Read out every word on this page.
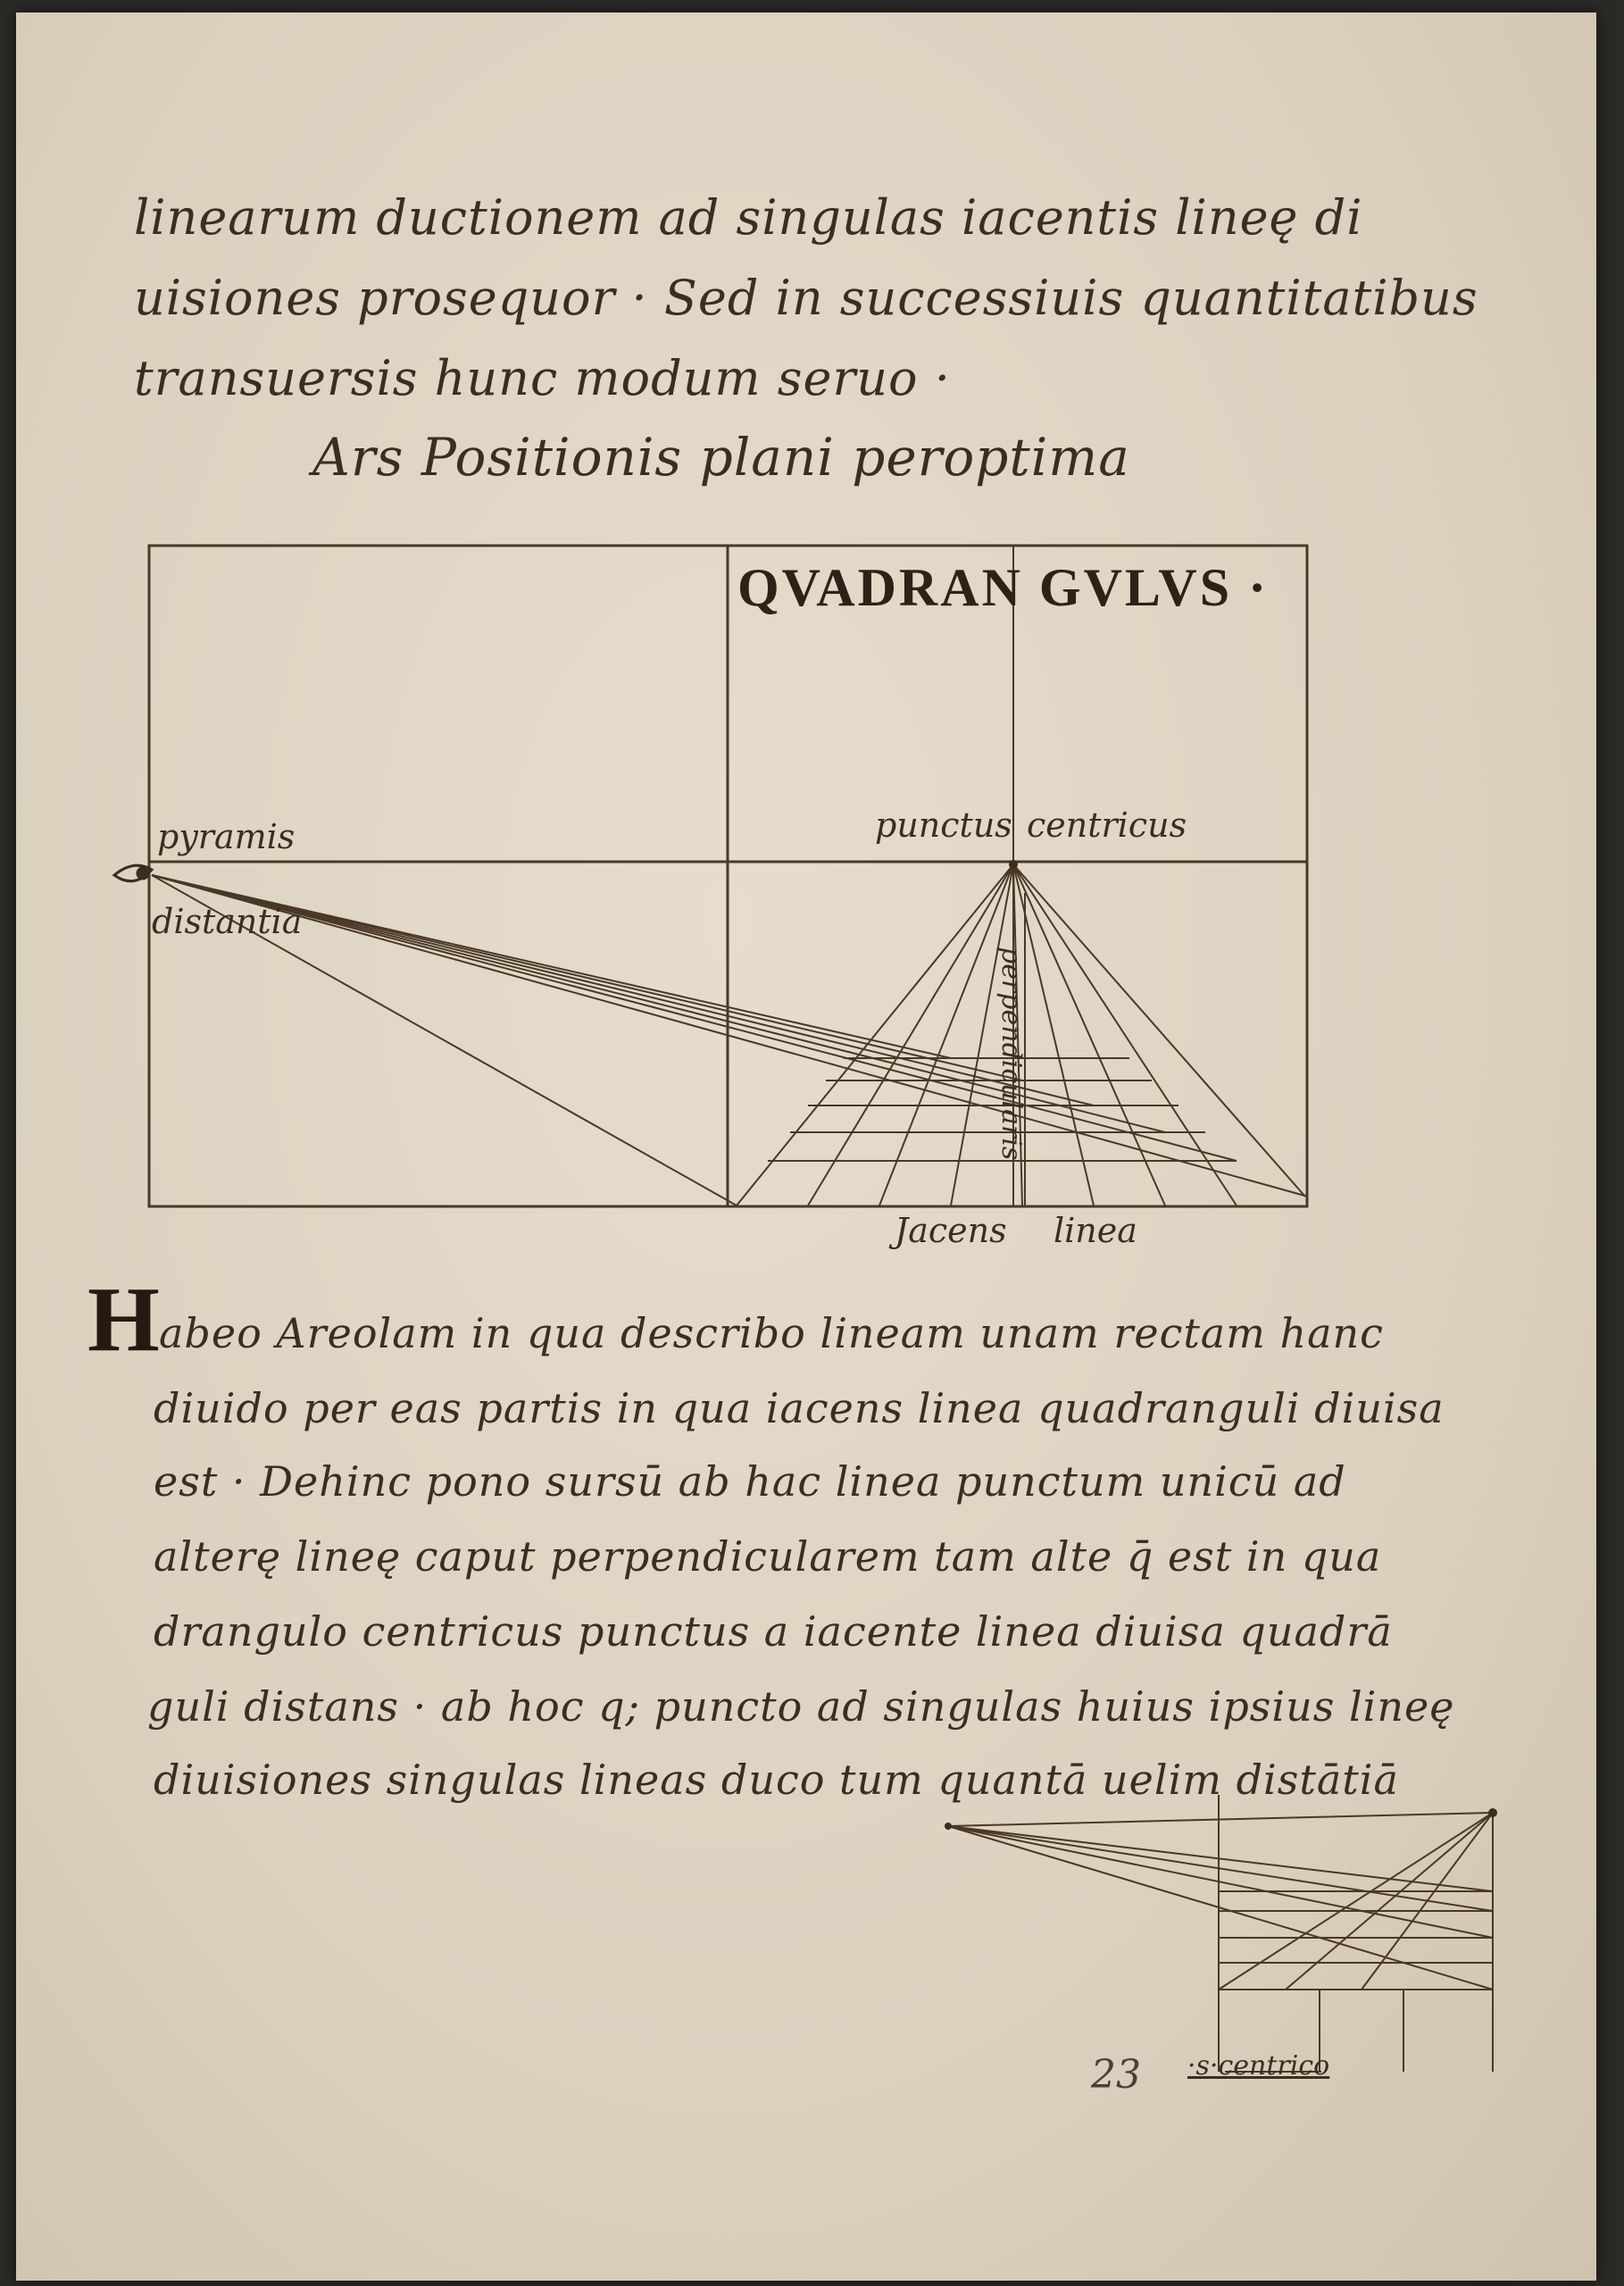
linearum ductionem ad singulas iacentis lineę di
uisiones prosequor · Sed in successiuis quantitatibus
transuersis hunc modum seruo ·
Ars Positionis plani peroptima
QVADRAN GVLVS ·
pyramis
distantia
punctus centricus
perpendicularis
Jacens linea
H abeo Areolam in qua describo lineam unam rectam hanc
diuido per eas partis in qua iacens linea quadranguli diuisa
est · Dehinc pono sursū ab hac linea punctum unicū ad
alterę lineę caput perpendicularem tam alte q̄ est in qua
drangulo centricus punctus a iacente linea diuisa quadrā
guli distans · ab hoc q; puncto ad singulas huius ipsius lineę
diuisiones singulas lineas duco tum quantā uelim distātiā
·s·centrico
23
